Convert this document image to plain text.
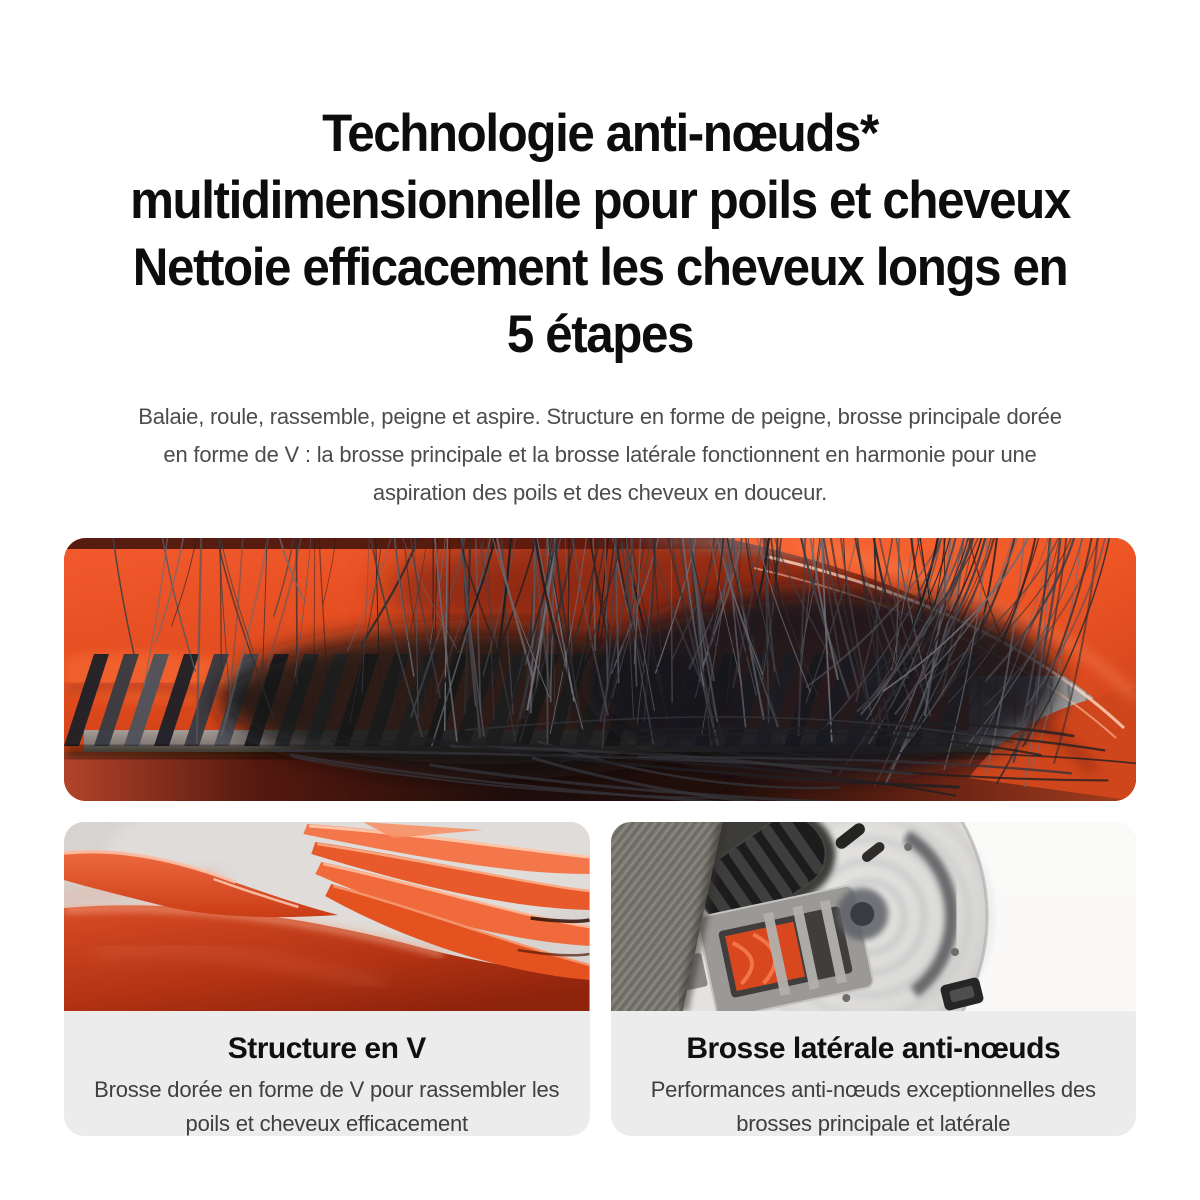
Technologie anti-nœuds*
multidimensionnelle pour poils et cheveux
Nettoie efficacement les cheveux longs en
5 étapes
Balaie, roule, rassemble, peigne et aspire. Structure en forme de peigne, brosse principale dorée
en forme de V : la brosse principale et la brosse latérale fonctionnent en harmonie pour une
aspiration des poils et des cheveux en douceur.
Structure en V
Brosse dorée en forme de V pour rassembler les poils et cheveux efficacement
Brosse latérale anti-nœuds
Performances anti-nœuds exceptionnelles des brosses principale et latérale
